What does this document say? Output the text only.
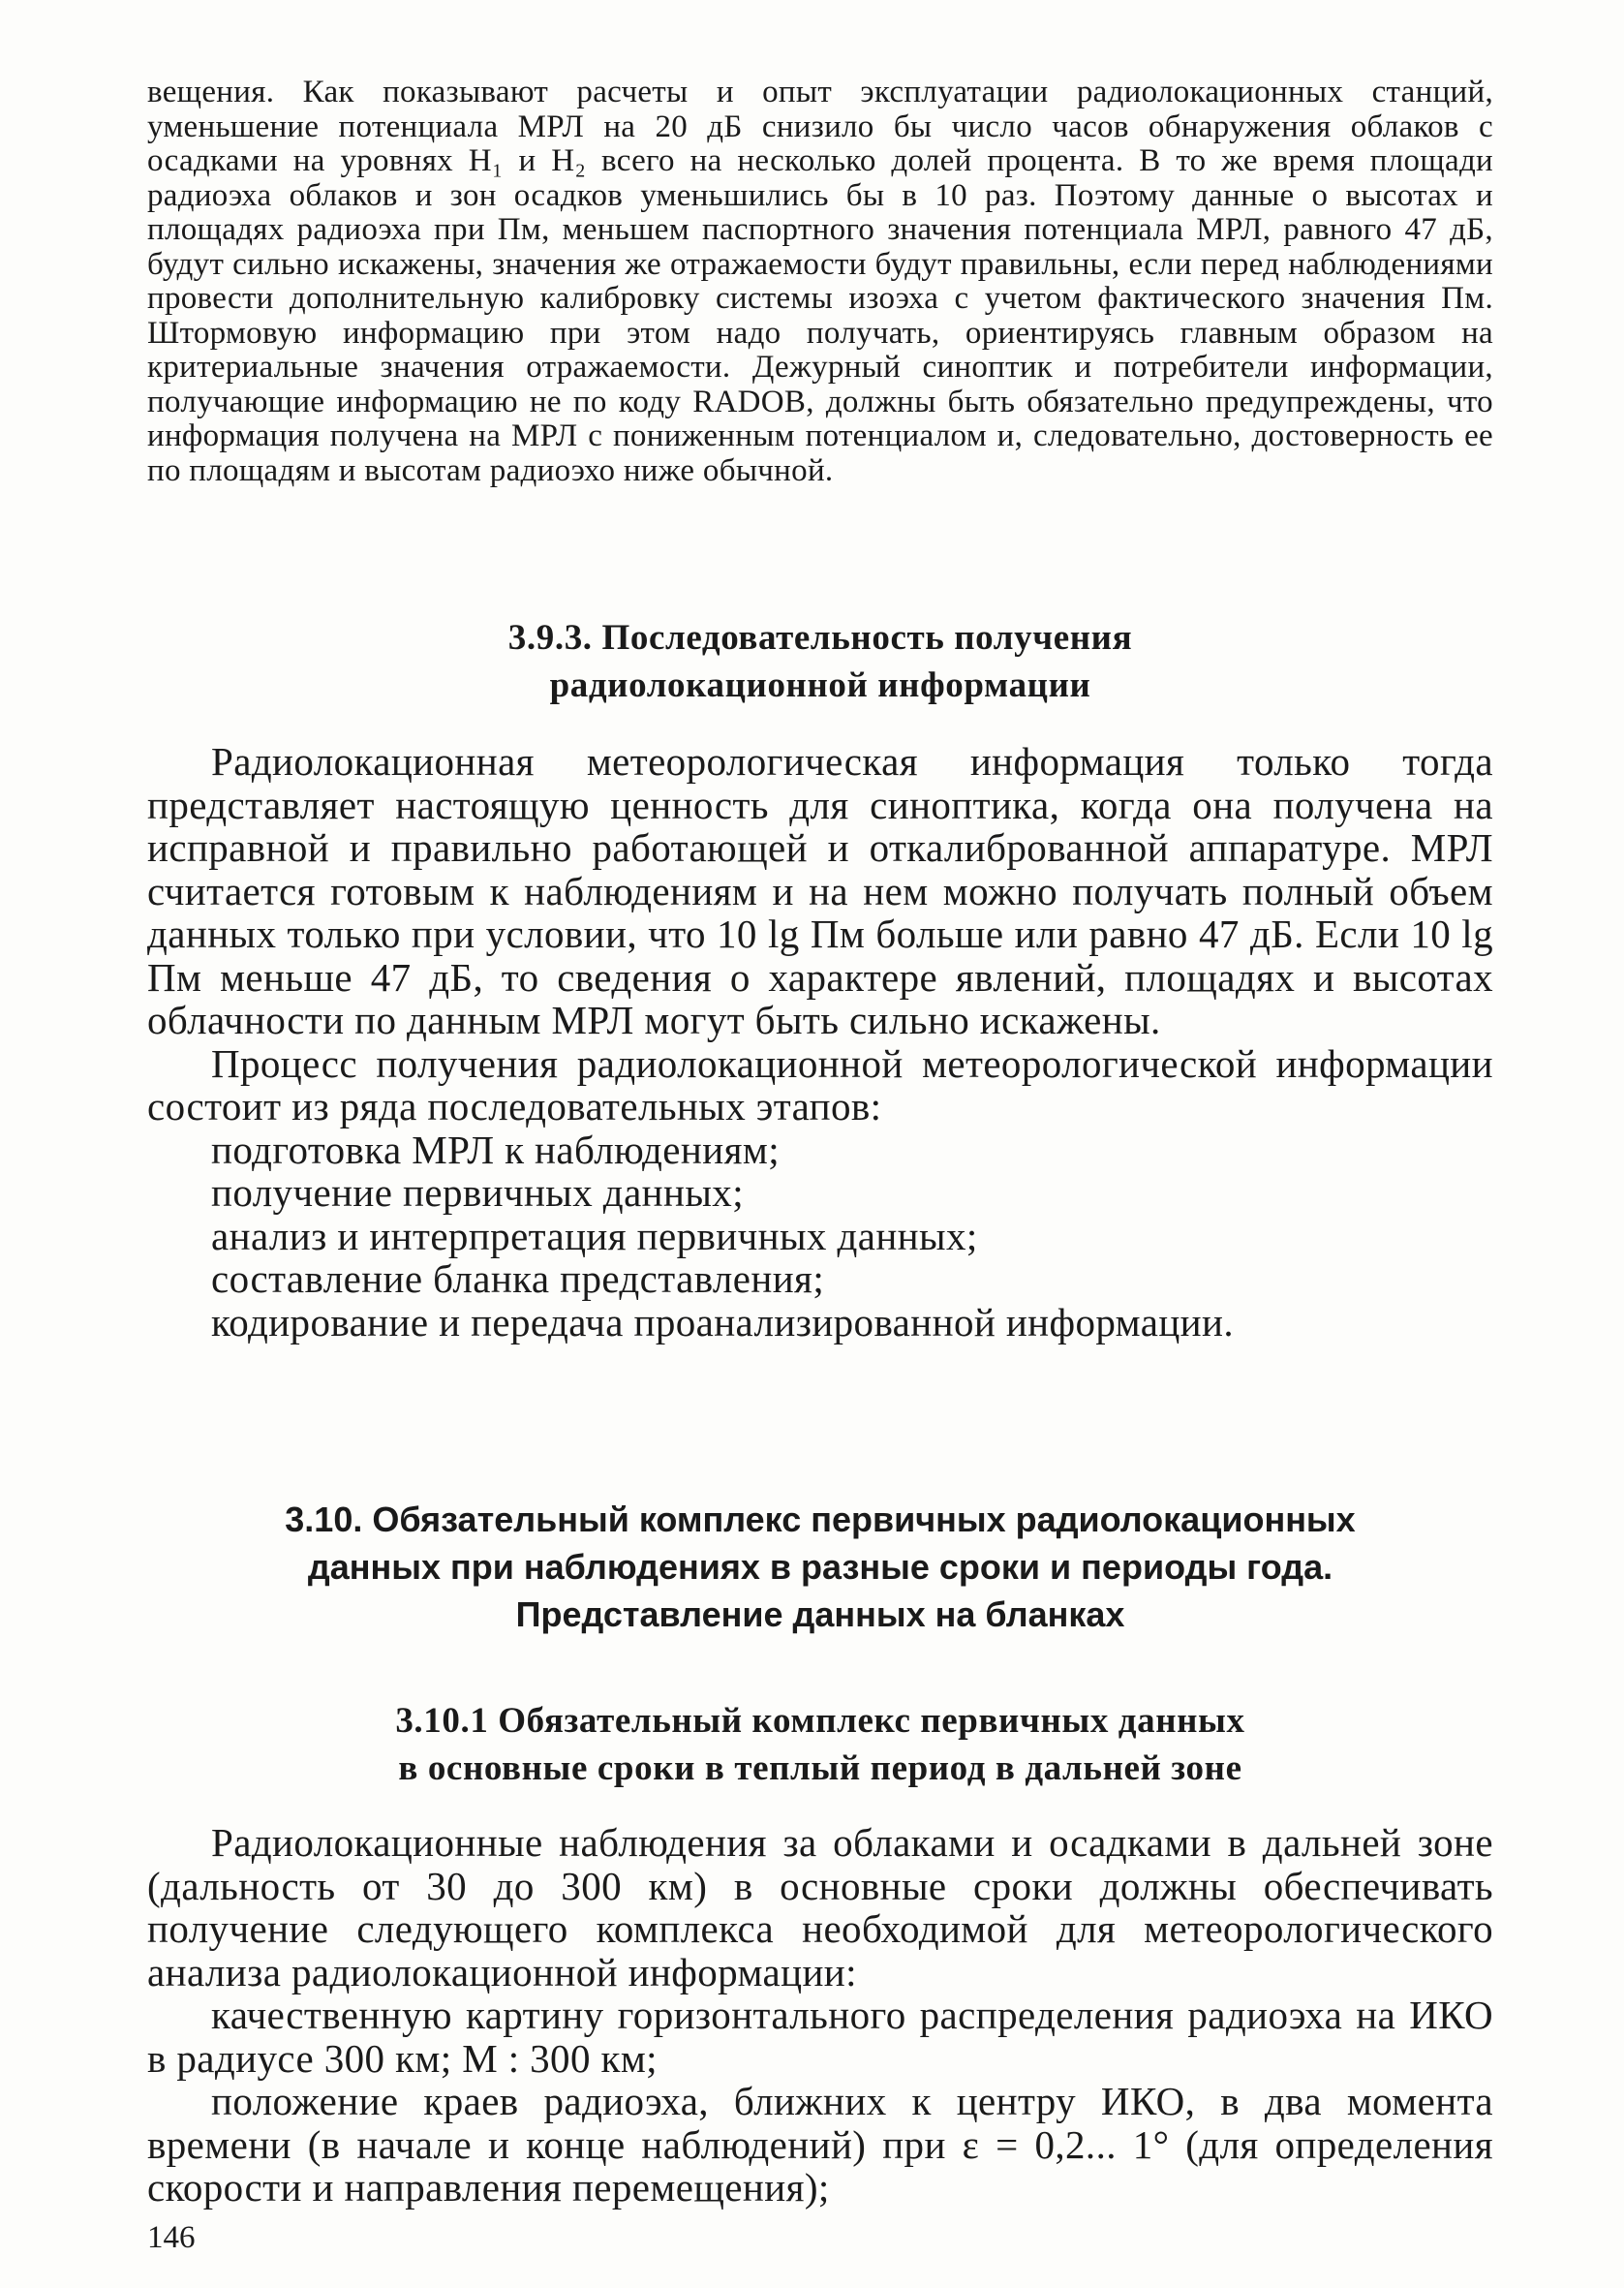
вещения. Как показывают расчеты и опыт эксплуатации радиолокационных станций, уменьшение потенциала МРЛ на 20 дБ снизило бы число часов обнаружения облаков с осадками на уровнях H₁ и H₂ всего на несколько долей процента. В то же время площади радиоэха облаков и зон осадков уменьшились бы в 10 раз. Поэтому данные о высотах и площадях радиоэха при Пм, меньшем паспортного значения потенциала МРЛ, равного 47 дБ, будут сильно искажены, значения же отражаемости будут правильны, если перед наблюдениями провести дополнительную калибровку системы изоэха с учетом фактического значения Пм. Штормовую информацию при этом надо получать, ориентируясь главным образом на критериальные значения отражаемости. Дежурный синоптик и потребители информации, получающие информацию не по коду RADOB, должны быть обязательно предупреждены, что информация получена на МРЛ с пониженным потенциалом и, следовательно, достоверность ее по площадям и высотам радиоэхо ниже обычной.

3.9.3. Последовательность получения

радиолокационной информации

Радиолокационная метеорологическая информация только тогда представляет настоящую ценность для синоптика, когда она получена на исправной и правильно работающей и откалиброванной аппаратуре. МРЛ считается готовым к наблюдениям и на нем можно получать полный объем данных только при условии, что 10 lg Пм больше или равно 47 дБ. Если 10 lg Пм меньше 47 дБ, то сведения о характере явлений, площадях и высотах облачности по данным МРЛ могут быть сильно искажены.

Процесс получения радиолокационной метеорологической информации состоит из ряда последовательных этапов:

подготовка МРЛ к наблюдениям;

получение первичных данных;

анализ и интерпретация первичных данных;

составление бланка представления;

кодирование и передача проанализированной информации.

3.10. Обязательный комплекс первичных радиолокационных

данных при наблюдениях в разные сроки и периоды года.

Представление данных на бланках

3.10.1 Обязательный комплекс первичных данных

в основные сроки в теплый период в дальней зоне

Радиолокационные наблюдения за облаками и осадками в дальней зоне (дальность от 30 до 300 км) в основные сроки должны обеспечивать получение следующего комплекса необходимой для метеорологического анализа радиолокационной информации:

качественную картину горизонтального распределения радиоэха на ИКО в радиусе 300 км; М : 300 км;

положение краев радиоэха, ближних к центру ИКО, в два момента времени (в начале и конце наблюдений) при ε = 0,2... 1° (для определения скорости и направления перемещения);

146
